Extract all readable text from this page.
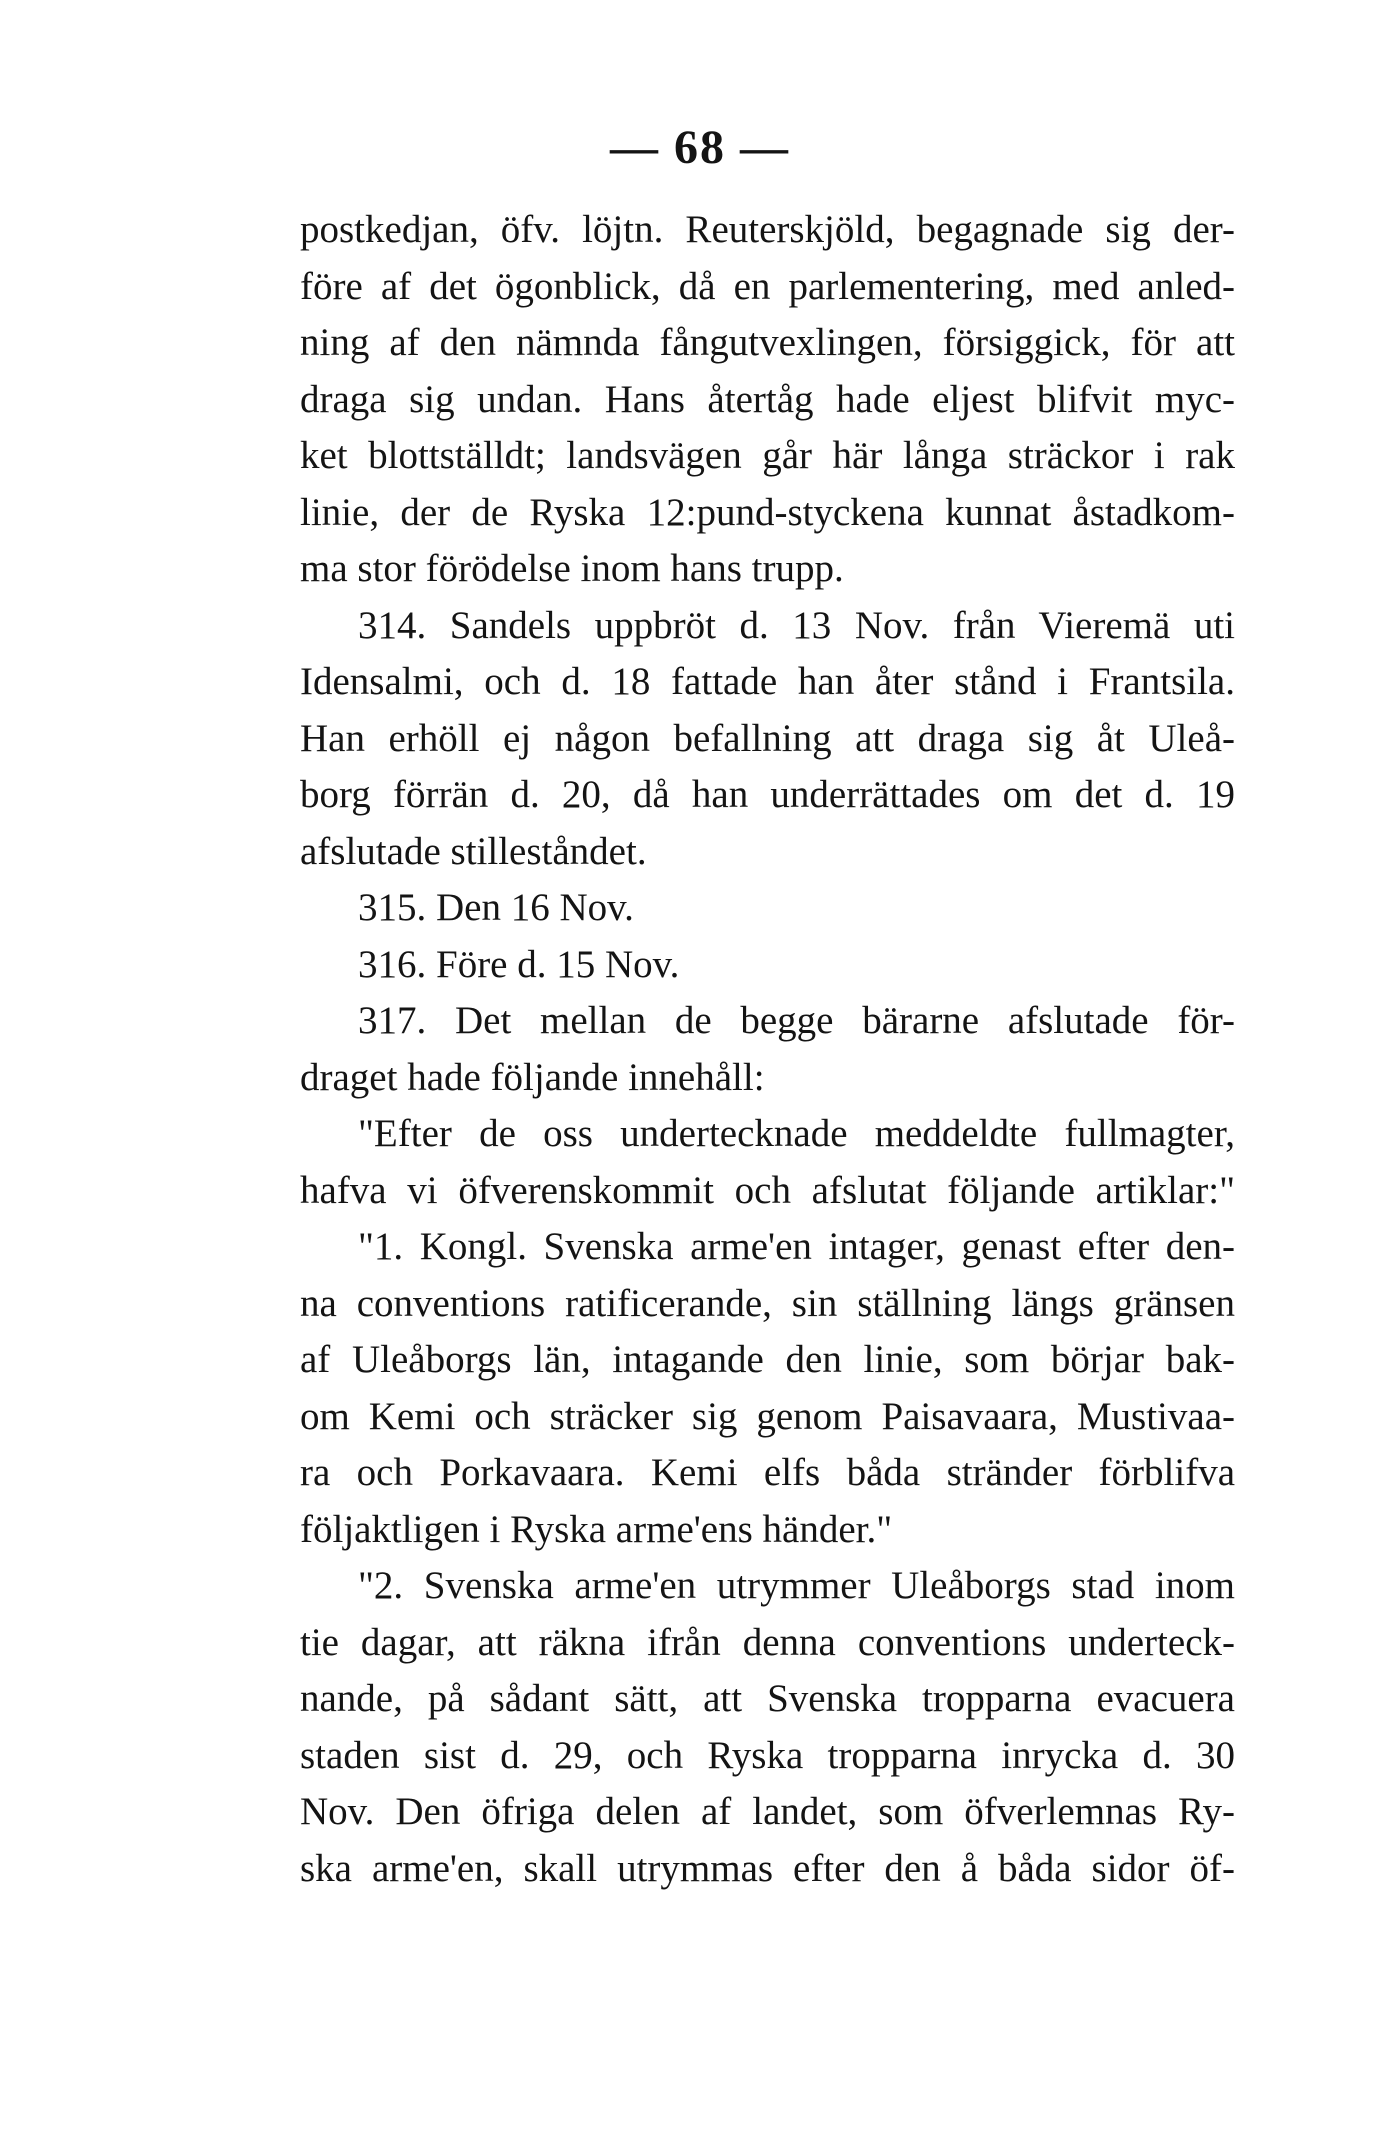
— 68 —
postkedjan, öfv. löjtn. Reuterskjöld, begagnade sig der-
före af det ögonblick, då en parlementering, med anled-
ning af den nämnda fångutvexlingen, försiggick, för att
draga sig undan. Hans återtåg hade eljest blifvit myc-
ket blottställdt; landsvägen går här långa sträckor i rak
linie, der de Ryska 12:pund-styckena kunnat åstadkom-
ma stor förödelse inom hans trupp.
314. Sandels uppbröt d. 13 Nov. från Vieremä uti
Idensalmi, och d. 18 fattade han åter stånd i Frantsila.
Han erhöll ej någon befallning att draga sig åt Uleå-
borg förrän d. 20, då han underrättades om det d. 19
afslutade stilleståndet.
315. Den 16 Nov.
316. Före d. 15 Nov.
317. Det mellan de begge bärarne afslutade för-
draget hade följande innehåll:
"Efter de oss undertecknade meddeldte fullmagter,
hafva vi öfverenskommit och afslutat följande artiklar:"
"1. Kongl. Svenska arme'en intager, genast efter den-
na conventions ratificerande, sin ställning längs gränsen
af Uleåborgs län, intagande den linie, som börjar bak-
om Kemi och sträcker sig genom Paisavaara, Mustivaa-
ra och Porkavaara. Kemi elfs båda stränder förblifva
följaktligen i Ryska arme'ens händer."
"2. Svenska arme'en utrymmer Uleåborgs stad inom
tie dagar, att räkna ifrån denna conventions underteck-
nande, på sådant sätt, att Svenska tropparna evacuera
staden sist d. 29, och Ryska tropparna inrycka d. 30
Nov. Den öfriga delen af landet, som öfverlemnas Ry-
ska arme'en, skall utrymmas efter den å båda sidor öf-
